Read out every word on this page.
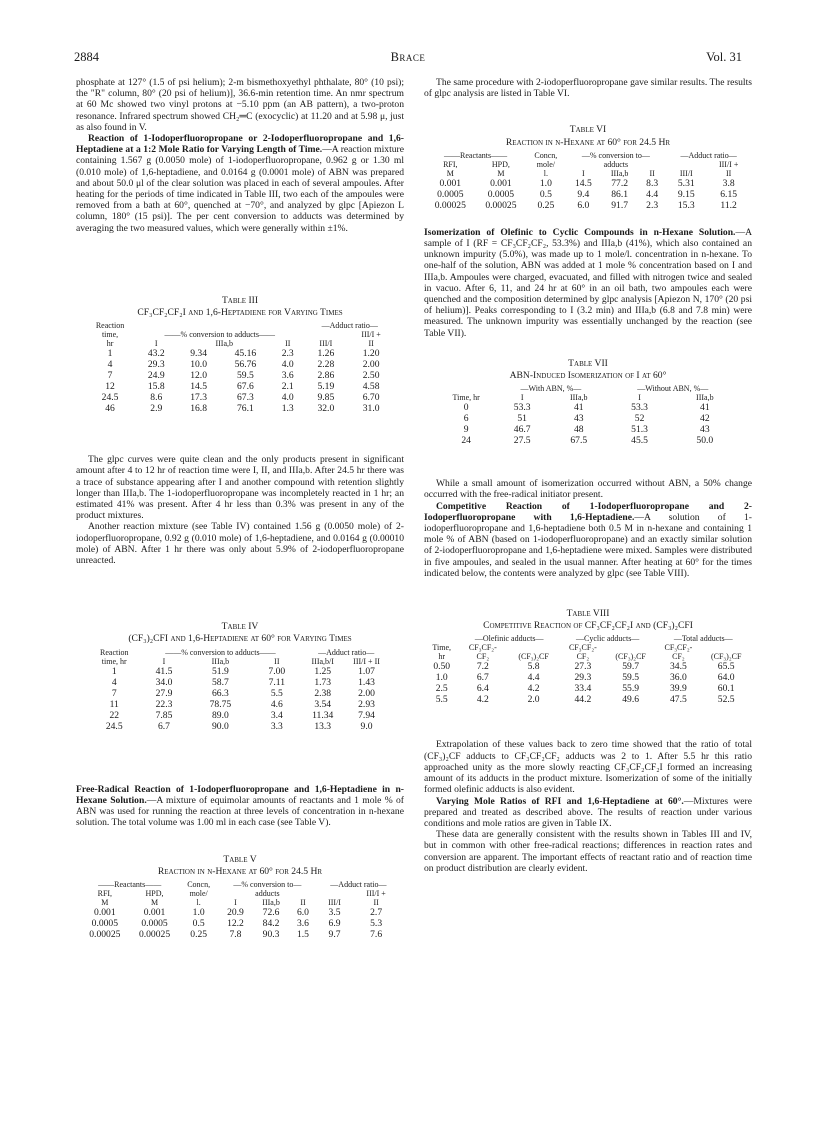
2884	Brace	Vol. 31

phosphate at 127° (1.5 of psi helium); 2-m bismethoxyethyl phthalate, 80° (10 psi); the "R" column, 80° (20 psi of helium)], 36.6-min retention time. An nmr spectrum at 60 Mc showed two vinyl protons at −5.10 ppm (an AB pattern), a two-proton resonance. Infrared spectrum showed CH₂═C (exocyclic) at 11.20 and at 5.98 μ, just as also found in V.

Reaction of 1-Iodoperfluoropropane or 2-Iodoperfluoropropane and 1,6-Heptadiene at a 1:2 Mole Ratio for Varying Length of Time.—A reaction mixture containing 1.567 g (0.0050 mole) of 1-iodoperfluoropropane, 0.962 g or 1.30 ml (0.010 mole) of 1,6-heptadiene, and 0.0164 g (0.0001 mole) of ABN was prepared and about 50.0 μl of the clear solution was placed in each of several ampoules. After heating for the periods of time indicated in Table III, two each of the ampoules were removed from a bath at 60°, quenched at −70°, and analyzed by glpc [Apiezon L column, 180° (15 psi)]. The per cent conversion to adducts was determined by averaging the two measured values, which were generally within ±1%.

Table III
CF₃CF₂CF₂I and 1,6-Heptadiene for Varying Times
Reaction					—Adduct ratio—	
time,	——% conversion to adducts——					III/I +
hr	I	IIIa,b		II	III/I	II
1	43.2	9.34	45.16	2.3	1.26	1.20
4	29.3	10.0	56.76	4.0	2.28	2.00
7	24.9	12.0	59.5	3.6	2.86	2.50
12	15.8	14.5	67.6	2.1	5.19	4.58
24.5	8.6	17.3	67.3	4.0	9.85	6.70
46	2.9	16.8	76.1	1.3	32.0	31.0

The glpc curves were quite clean and the only products present in significant amount after 4 to 12 hr of reaction time were I, II, and IIIa,b. After 24.5 hr there was a trace of substance appearing after I and another compound with retention slightly longer than IIIa,b. The 1-iodoperfluoropropane was incompletely reacted in 1 hr; an estimated 41% was present. After 4 hr less than 0.3% was present in any of the product mixtures.

Another reaction mixture (see Table IV) contained 1.56 g (0.0050 mole) of 2-iodoperfluoropropane, 0.92 g (0.010 mole) of 1,6-heptadiene, and 0.0164 g (0.00010 mole) of ABN. After 1 hr there was only about 5.9% of 2-iodoperfluoropropane unreacted.

Table IV
(CF₃)₂CFI and 1,6-Heptadiene at 60° for Varying Times
Reaction	——% conversion to adducts——			—Adduct ratio—	
time, hr	I	IIIa,b	II	IIIa,b/I	III/I + II
1	41.5	51.9	7.00	1.25	1.07
4	34.0	58.7	7.11	1.73	1.43
7	27.9	66.3	5.5	2.38	2.00
11	22.3	78.75	4.6	3.54	2.93
22	7.85	89.0	3.4	11.34	7.94
24.5	6.7	90.0	3.3	13.3	9.0

Free-Radical Reaction of 1-Iodoperfluoropropane and 1,6-Heptadiene in n-Hexane Solution.—A mixture of equimolar amounts of reactants and 1 mole % of ABN was used for running the reaction at three levels of concentration in n-hexane solution. The total volume was 1.00 ml in each case (see Table V).

Table V
Reaction in n-Hexane at 60° for 24.5 Hr
——Reactants——		Concn,	—% conversion to—			—Adduct ratio—	
RFI,	HPD,	mole/	adducts				III/I +
M	M	l.	I	IIIa,b	II	III/I	II
0.001	0.001	1.0	20.9	72.6	6.0	3.5	2.7
0.0005	0.0005	0.5	12.2	84.2	3.6	6.9	5.3
0.00025	0.00025	0.25	7.8	90.3	1.5	9.7	7.6

The same procedure with 2-iodoperfluoropropane gave similar results. The results of glpc analysis are listed in Table VI.

Table VI
Reaction in n-Hexane at 60° for 24.5 Hr
——Reactants——		Concn,	—% conversion to—			—Adduct ratio—	
RFI,	HPD,	mole/	adducts				III/I +
M	M	l.	I	IIIa,b	II	III/I	II
0.001	0.001	1.0	14.5	77.2	8.3	5.31	3.8
0.0005	0.0005	0.5	9.4	86.1	4.4	9.15	6.15
0.00025	0.00025	0.25	6.0	91.7	2.3	15.3	11.2

Isomerization of Olefinic to Cyclic Compounds in n-Hexane Solution.—A sample of I (RF = CF₃CF₂CF₂, 53.3%) and IIIa,b (41%), which also contained an unknown impurity (5.0%), was made up to 1 mole/l. concentration in n-hexane. To one-half of the solution, ABN was added at 1 mole % concentration based on I and IIIa,b. Ampoules were charged, evacuated, and filled with nitrogen twice and sealed in vacuo. After 6, 11, and 24 hr at 60° in an oil bath, two ampoules each were quenched and the composition determined by glpc analysis [Apiezon N, 170° (20 psi of helium)]. Peaks corresponding to I (3.2 min) and IIIa,b (6.8 and 7.8 min) were measured. The unknown impurity was essentially unchanged by the reaction (see Table VII).

Table VII
ABN-Induced Isomerization of I at 60°
	—With ABN, %—		—Without ABN, %—	
Time, hr	I	IIIa,b	I	IIIa,b
0	53.3	41	53.3	41
6	51	43	52	42
9	46.7	48	51.3	43
24	27.5	67.5	45.5	50.0

While a small amount of isomerization occurred without ABN, a 50% change occurred with the free-radical initiator present.

Competitive Reaction of 1-Iodoperfluoropropane and 2-Iodoperfluoropropane with 1,6-Heptadiene.—A solution of 1-iodoperfluoropropane and 1,6-heptadiene both 0.5 M in n-hexane and containing 1 mole % of ABN (based on 1-iodoperfluoropropane) and an exactly similar solution of 2-iodoperfluoropropane and 1,6-heptadiene were mixed. Samples were distributed in five ampoules, and sealed in the usual manner. After heating at 60° for the times indicated below, the contents were analyzed by glpc (see Table VIII).

Table VIII
Competitive Reaction of CF₃CF₂CF₂I and (CF₃)₂CFI
	—Olefinic adducts—		—Cyclic adducts—		—Total adducts—	
Time,	CF₃CF₂-		CF₃CF₂-		CF₃CF₂-	
hr	CF₂	(CF₃)₂CF	CF₂	(CF₃)₂CF	CF₂	(CF₃)₂CF
0.50	7.2	5.8	27.3	59.7	34.5	65.5
1.0	6.7	4.4	29.3	59.5	36.0	64.0
2.5	6.4	4.2	33.4	55.9	39.9	60.1
5.5	4.2	2.0	44.2	49.6	47.5	52.5

Extrapolation of these values back to zero time showed that the ratio of total (CF₃)₂CF adducts to CF₃CF₂CF₂ adducts was 2 to 1. After 5.5 hr this ratio approached unity as the more slowly reacting CF₃CF₂CF₂I formed an increasing amount of its adducts in the product mixture. Isomerization of some of the initially formed olefinic adducts is also evident.

Varying Mole Ratios of RFI and 1,6-Heptadiene at 60°.—Mixtures were prepared and treated as described above. The results of reaction under various conditions and mole ratios are given in Table IX.

These data are generally consistent with the results shown in Tables III and IV, but in common with other free-radical reactions; differences in reaction rates and conversion are apparent. The important effects of reactant ratio and of reaction time on product distribution are clearly evident.
